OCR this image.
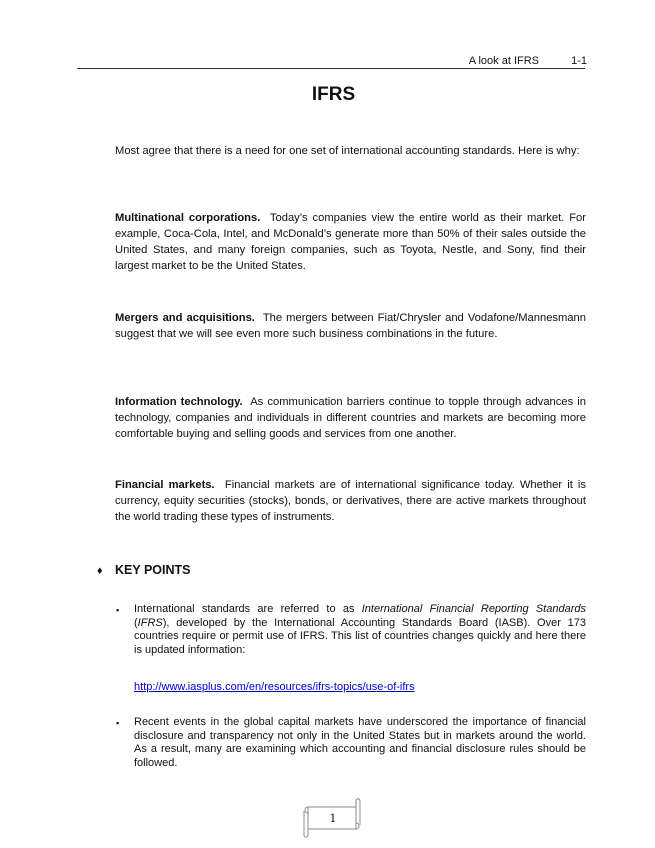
A look at IFRS	1-1
IFRS

Most agree that there is a need for one set of international accounting standards. Here is why:

Multinational corporations. Today’s companies view the entire world as their market. For example, Coca-Cola, Intel, and McDonald’s generate more than 50% of their sales outside the United States, and many foreign companies, such as Toyota, Nestle, and Sony, find their largest market to be the United States.

Mergers and acquisitions. The mergers between Fiat/Chrysler and Vodafone/Mannesmann suggest that we will see even more such business combinations in the future.

Information technology. As communication barriers continue to topple through advances in technology, companies and individuals in different countries and markets are becoming more comfortable buying and selling goods and services from one another.

Financial markets. Financial markets are of international significance today. Whether it is currency, equity securities (stocks), bonds, or derivatives, there are active markets throughout the world trading these types of instruments.

♦ KEY POINTS
▪ International standards are referred to as International Financial Reporting Standards (IFRS), developed by the International Accounting Standards Board (IASB). Over 173 countries require or permit use of IFRS. This list of countries changes quickly and here there is updated information:

http://www.iasplus.com/en/resources/ifrs-topics/use-of-ifrs
▪ Recent events in the global capital markets have underscored the importance of financial disclosure and transparency not only in the United States but in markets around the world. As a result, many are examining which accounting and financial disclosure rules should be followed.

1
